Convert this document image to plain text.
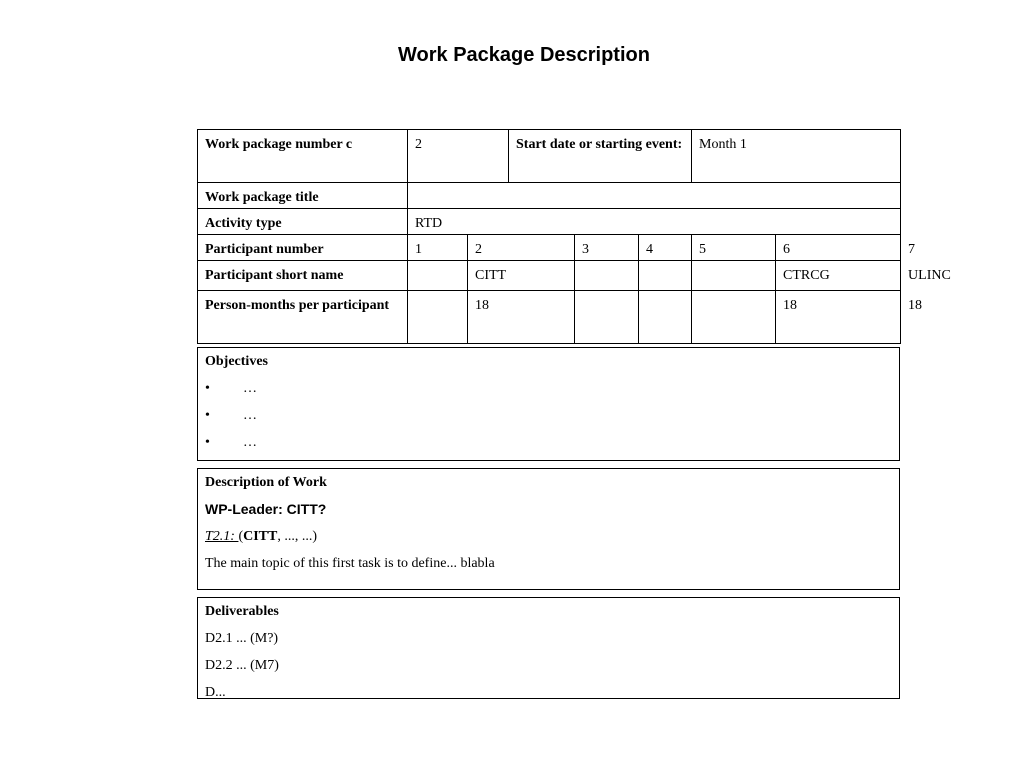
Work Package Description
Work package number c	2		Start date or starting event:			Month 1		
Work package title								
Activity type	RTD							
Participant number	1	2		3	4	5	6	7
Participant short name		CITT					CTRCG	ULINC
Person-months per participant		18					18	18

Objectives

• …
• …
• …

Description of Work

WP-Leader: CITT?

T2.1: (CITT, ..., ...)

The main topic of this first task is to define... blabla

Deliverables

D2.1 ... (M?)

D2.2 ... (M7)

D...
